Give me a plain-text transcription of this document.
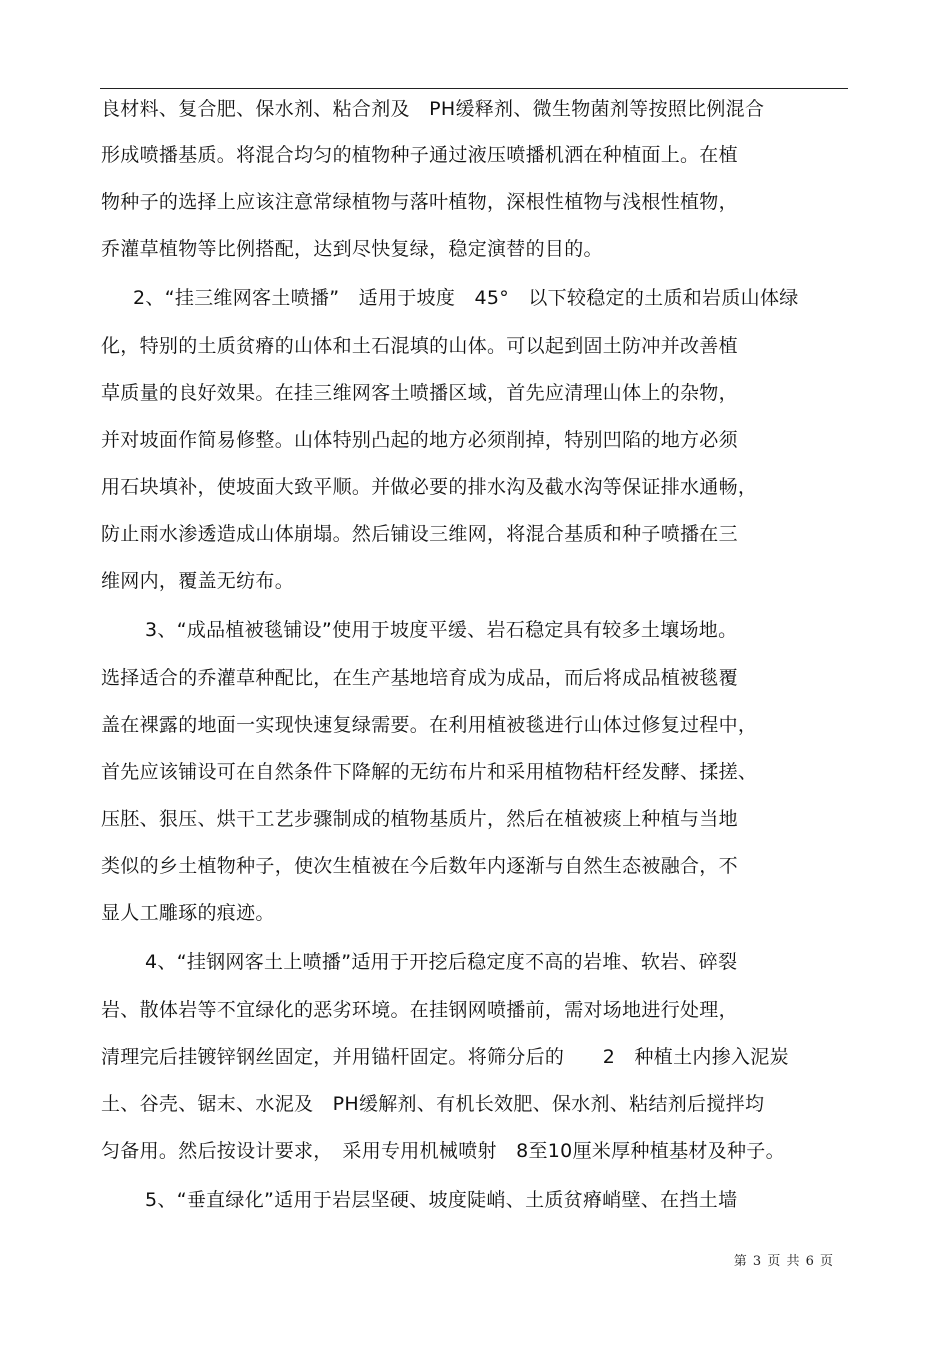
良材料、复合肥、保水剂、粘合剂及　PH缓释剂、微生物菌剂等按照比例混合
形成喷播基质。将混合均匀的植物种子通过液压喷播机洒在种植面上。在植
物种子的选择上应该注意常绿植物与落叶植物，深根性植物与浅根性植物，
乔灌草植物等比例搭配，达到尽快复绿，稳定演替的目的。
2、“挂三维网客土喷播”　适用于坡度　45°　以下较稳定的土质和岩质山体绿
化，特别的土质贫瘠的山体和土石混填的山体。可以起到固土防冲并改善植
草质量的良好效果。在挂三维网客土喷播区域，首先应清理山体上的杂物，
并对坡面作简易修整。山体特别凸起的地方必须削掉，特别凹陷的地方必须
用石块填补，使坡面大致平顺。并做必要的排水沟及截水沟等保证排水通畅，
防止雨水渗透造成山体崩塌。然后铺设三维网，将混合基质和种子喷播在三
维网内，覆盖无纺布。
3、“成品植被毯铺设”使用于坡度平缓、岩石稳定具有较多土壤场地。
选择适合的乔灌草种配比，在生产基地培育成为成品，而后将成品植被毯覆
盖在裸露的地面一实现快速复绿需要。在利用植被毯进行山体过修复过程中，
首先应该铺设可在自然条件下降解的无纺布片和采用植物秸杆经发酵、揉搓、
压胚、狠压、烘干工艺步骤制成的植物基质片，然后在植被痰上种植与当地
类似的乡土植物种子，使次生植被在今后数年内逐渐与自然生态被融合，不
显人工雕琢的痕迹。
4、“挂钢网客土上喷播”适用于开挖后稳定度不高的岩堆、软岩、碎裂
岩、散体岩等不宜绿化的恶劣环境。在挂钢网喷播前，需对场地进行处理，
清理完后挂镀锌钢丝固定，并用锚杆固定。将筛分后的　　2　种植土内掺入泥炭
土、谷壳、锯末、水泥及　PH缓解剂、有机长效肥、保水剂、粘结剂后搅拌均
匀备用。然后按设计要求，　采用专用机械喷射　8至10厘米厚种植基材及种子。
5、“垂直绿化”适用于岩层坚硬、坡度陡峭、土质贫瘠峭壁、在挡土墙
第 3 页 共 6 页
